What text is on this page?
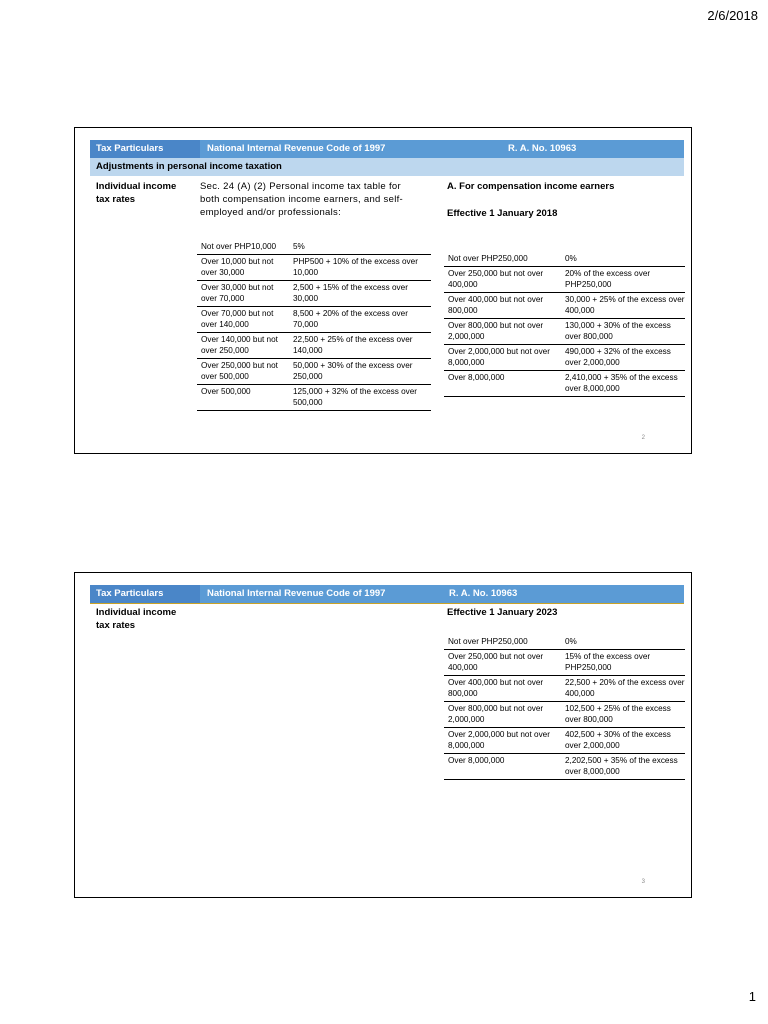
2/6/2018
Tax Particulars	National Internal Revenue Code of 1997	R. A. No. 10963
Adjustments in personal income taxation
Individual income tax rates
Sec. 24 (A) (2) Personal income tax table for both compensation income earners, and self-employed and/or professionals:
A. For compensation income earners
Effective 1 January 2018
Not over PHP10,000	5%
Over 10,000 but not over 30,000	PHP500 + 10% of the excess over 10,000
Over 30,000 but not over 70,000	2,500 + 15% of the excess over 30,000
Over 70,000 but not over 140,000	8,500 + 20% of the excess over 70,000
Over 140,000 but not over 250,000	22,500 + 25% of the excess over 140,000
Over 250,000 but not over 500,000	50,000 + 30% of the excess over 250,000
Over 500,000	125,000 + 32% of the excess over 500,000
Not over PHP250,000	0%
Over 250,000 but not over 400,000	20% of the excess over PHP250,000
Over 400,000 but not over 800,000	30,000 + 25% of the excess over 400,000
Over 800,000 but not over 2,000,000	130,000 + 30% of the excess over 800,000
Over 2,000,000 but not over 8,000,000	490,000 + 32% of the excess over 2,000,000
Over 8,000,000	2,410,000 + 35% of the excess over 8,000,000
2
Tax Particulars	National Internal Revenue Code of 1997	R. A. No. 10963
Individual income tax rates
Effective 1 January 2023
Not over PHP250,000	0%
Over 250,000 but not over 400,000	15% of the excess over PHP250,000
Over 400,000 but not over 800,000	22,500 + 20% of the excess over 400,000
Over 800,000 but not over 2,000,000	102,500 + 25% of the excess over 800,000
Over 2,000,000 but not over 8,000,000	402,500 + 30% of the excess over 2,000,000
Over 8,000,000	2,202,500 + 35% of the excess over 8,000,000
3
1
